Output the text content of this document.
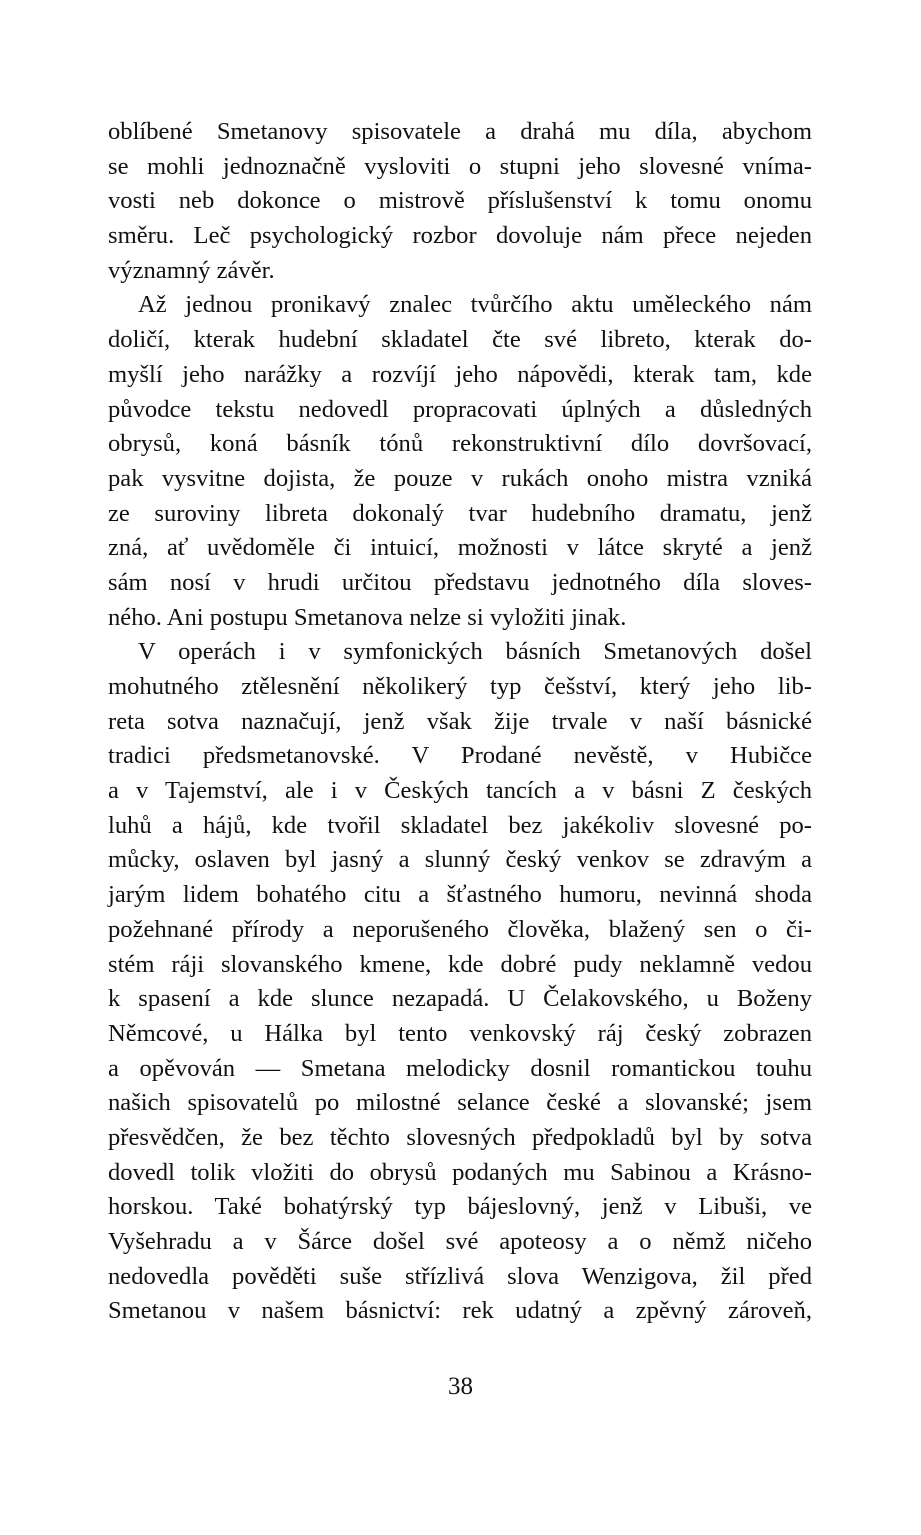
oblíbené Smetanovy spisovatele a drahá mu díla, abychom
se mohli jednoznačně vysloviti o stupni jeho slovesné vníma-
vosti neb dokonce o mistrově příslušenství k tomu onomu
směru. Leč psychologický rozbor dovoluje nám přece nejeden
významný závěr.

Až jednou pronikavý znalec tvůrčího aktu uměleckého nám
doličí, kterak hudební skladatel čte své libreto, kterak do-
myšlí jeho narážky a rozvíjí jeho nápovědi, kterak tam, kde
původce tekstu nedovedl propracovati úplných a důsledných
obrysů, koná básník tónů rekonstruktivní dílo dovršovací,
pak vysvitne dojista, že pouze v rukách onoho mistra vzniká
ze suroviny libreta dokonalý tvar hudebního dramatu, jenž
zná, ať uvědoměle či intuicí, možnosti v látce skryté a jenž
sám nosí v hrudi určitou představu jednotného díla sloves-
ného. Ani postupu Smetanova nelze si vyložiti jinak.

V operách i v symfonických básních Smetanových došel
mohutného ztělesnění několikerý typ češství, který jeho lib-
reta sotva naznačují, jenž však žije trvale v naší básnické
tradici předsmetanovské. V Prodané nevěstě, v Hubičce
a v Tajemství, ale i v Českých tancích a v básni Z českých
luhů a hájů, kde tvořil skladatel bez jakékoliv slovesné po-
můcky, oslaven byl jasný a slunný český venkov se zdravým a
jarým lidem bohatého citu a šťastného humoru, nevinná shoda
požehnané přírody a neporušeného člověka, blažený sen o či-
stém ráji slovanského kmene, kde dobré pudy neklamně vedou
k spasení a kde slunce nezapadá. U Čelakovského, u Boženy
Němcové, u Hálka byl tento venkovský ráj český zobrazen
a opěvován — Smetana melodicky dosnil romantickou touhu
našich spisovatelů po milostné selance české a slovanské; jsem
přesvědčen, že bez těchto slovesných předpokladů byl by sotva
dovedl tolik vložiti do obrysů podaných mu Sabinou a Krásno-
horskou. Také bohatýrský typ bájeslovný, jenž v Libuši, ve
Vyšehradu a v Šárce došel své apoteosy a o němž ničeho
nedovedla pověděti suše střízlivá slova Wenzigova, žil před
Smetanou v našem básnictví: rek udatný a zpěvný zároveň,

38
